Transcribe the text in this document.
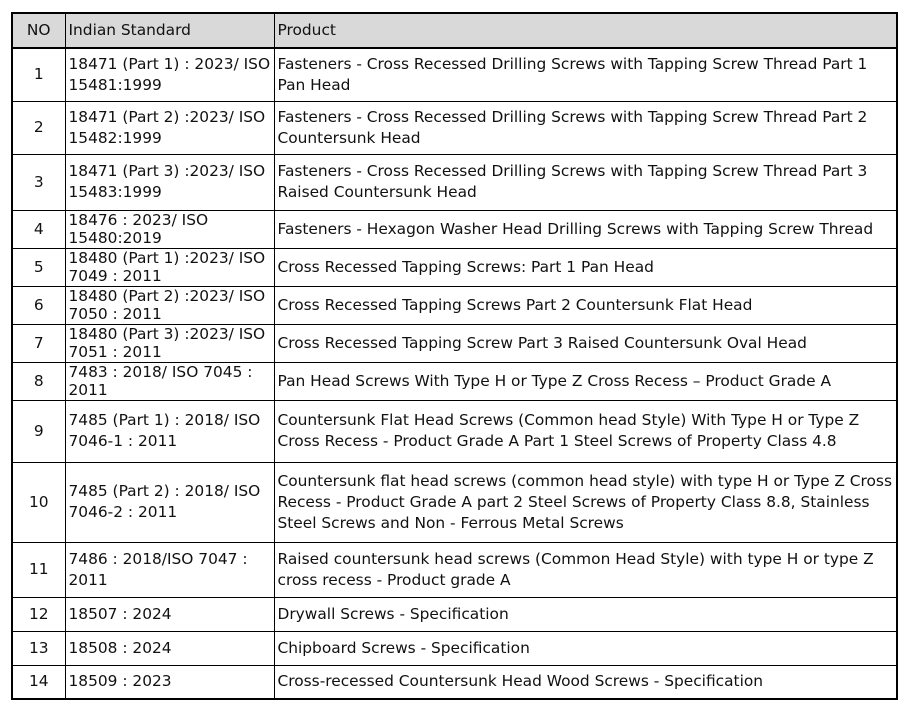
NO	Indian Standard	Product
1	18471 (Part 1) : 2023/ ISO 15481:1999	Fasteners - Cross Recessed Drilling Screws with Tapping Screw Thread Part 1 Pan Head
2	18471 (Part 2) :2023/ ISO 15482:1999	Fasteners - Cross Recessed Drilling Screws with Tapping Screw Thread Part 2 Countersunk Head
3	18471 (Part 3) :2023/ ISO 15483:1999	Fasteners - Cross Recessed Drilling Screws with Tapping Screw Thread Part 3 Raised Countersunk Head
4	18476 : 2023/ ISO 15480:2019	Fasteners - Hexagon Washer Head Drilling Screws with Tapping Screw Thread
5	18480 (Part 1) :2023/ ISO 7049 : 2011	Cross Recessed Tapping Screws: Part 1 Pan Head
6	18480 (Part 2) :2023/ ISO 7050 : 2011	Cross Recessed Tapping Screws Part 2 Countersunk Flat Head
7	18480 (Part 3) :2023/ ISO 7051 : 2011	Cross Recessed Tapping Screw Part 3 Raised Countersunk Oval Head
8	7483 : 2018/ ISO 7045 : 2011	Pan Head Screws With Type H or Type Z Cross Recess – Product Grade A
9	7485 (Part 1) : 2018/ ISO 7046-1 : 2011	Countersunk Flat Head Screws (Common head Style) With Type H or Type Z Cross Recess - Product Grade A Part 1 Steel Screws of Property Class 4.8
10	7485 (Part 2) : 2018/ ISO 7046-2 : 2011	Countersunk flat head screws (common head style) with type H or Type Z Cross Recess - Product Grade A part 2 Steel Screws of Property Class 8.8, Stainless Steel Screws and Non - Ferrous Metal Screws
11	7486 : 2018/ISO 7047 : 2011	Raised countersunk head screws (Common Head Style) with type H or type Z cross recess - Product grade A
12	18507 : 2024	Drywall Screws - Specification
13	18508 : 2024	Chipboard Screws - Specification
14	18509 : 2023	Cross-recessed Countersunk Head Wood Screws - Specification
